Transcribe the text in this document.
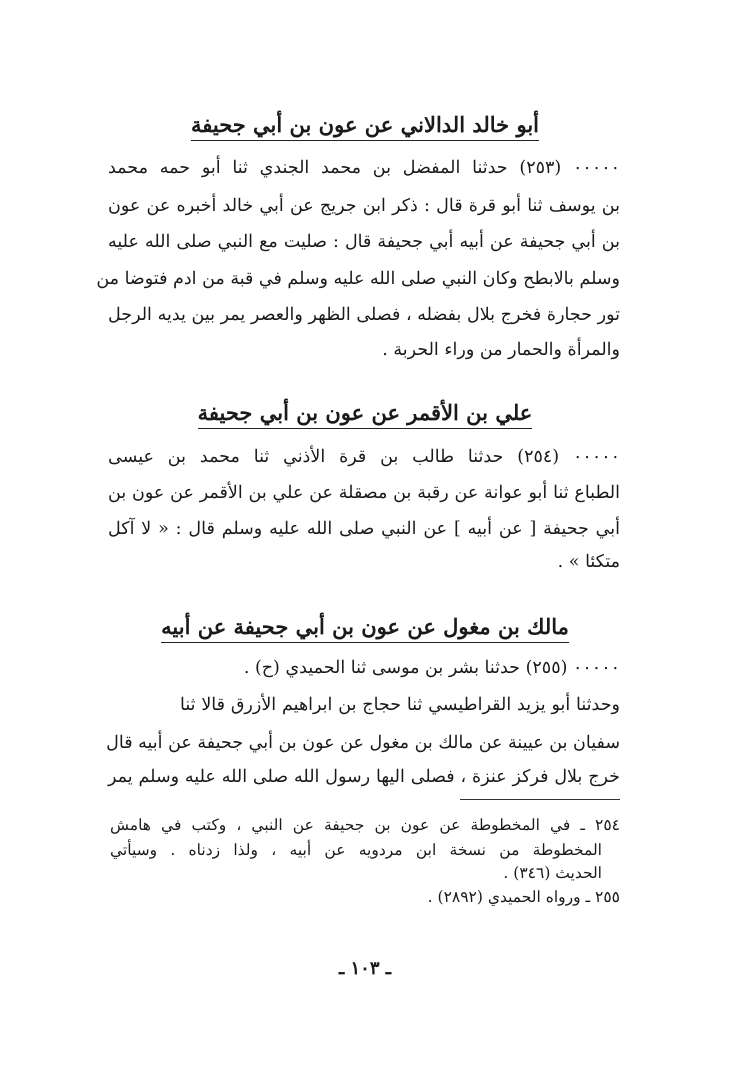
أبو خالد الدالاني عن عون بن أبي جحيفة
٠٠٠٠٠ (٢٥٣) حدثنا المفضل بن محمد الجندي ثنا أبو حمه محمد
بن يوسف ثنا أبو قرة قال : ذكر ابن جريج عن أبي خالد أخبره عن عون
بن أبي جحيفة عن أبيه أبي جحيفة قال : صليت مع النبي صلى الله عليه
وسلم بالابطح وكان النبي صلى الله عليه وسلم في قبة من ادم فتوضا من
تور حجارة فخرج بلال بفضله ، فصلى الظهر والعصر يمر بين يديه الرجل
والمرأة والحمار من وراء الحربة .
علي بن الأقمر عن عون بن أبي جحيفة
٠٠٠٠٠ (٢٥٤) حدثنا طالب بن قرة الأذني ثنا محمد بن عيسى
الطباع ثنا أبو عوانة عن رقبة بن مصقلة عن علي بن الأقمر عن عون بن
أبي جحيفة [ عن أبيه ] عن النبي صلى الله عليه وسلم قال : « لا آكل
متكئا » .
مالك بن مغول عن عون بن أبي جحيفة عن أبيه
٠٠٠٠٠ (٢٥٥) حدثنا بشر بن موسى ثنا الحميدي (ح) .
وحدثنا أبو يزيد القراطيسي ثنا حجاج بن ابراهيم الأزرق قالا ثنا
سفيان بن عيينة عن مالك بن مغول عن عون بن أبي جحيفة عن أبيه قال
خرج بلال فركز عنزة ، فصلى اليها رسول الله صلى الله عليه وسلم يمر
٢٥٤ ـ في المخطوطة عن عون بن جحيفة عن النبي ، وكتب في هامش
المخطوطة من نسخة ابن مردويه عن أبيه ، ولذا زدناه . وسيأتي
الحديث (٣٤٦) .
٢٥٥ ـ ورواه الحميدي (٢٨٩٢) .
ـ ١٠٣ ـ
